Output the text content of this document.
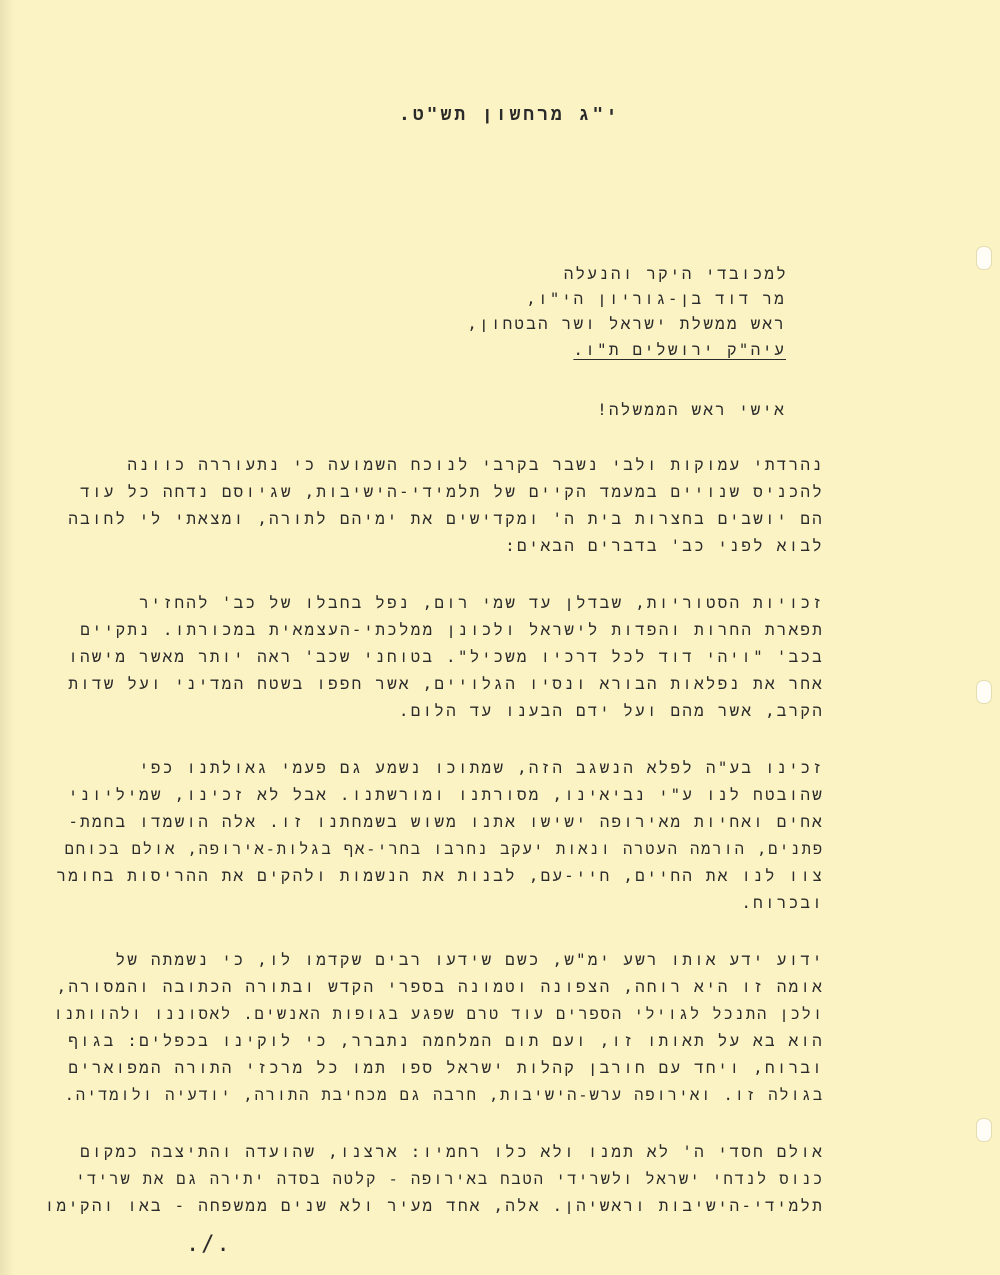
י"ג מרחשון תש"ט.
למכובדי היקר והנעלה
מר דוד בן-גוריון הי"ו,
ראש ממשלת ישראל ושר הבטחון,
עיה"ק ירושלים ת"ו.
אישי ראש הממשלה!
נהרדתי עמוקות ולבי נשבר בקרבי לנוכח השמועה כי נתעוררה כוונה
להכניס שנויים במעמד הקיים של תלמידי-הישיבות, שגיוסם נדחה כל עוד
הם יושבים בחצרות בית ה' ומקדישים את ימיהם לתורה, ומצאתי לי לחובה
לבוא לפני כב' בדברים הבאים:
זכויות הסטוריות, שבדלן עד שמי רום, נפל בחבלו של כב' להחזיר
תפארת החרות והפדות לישראל ולכונן ממלכתי-העצמאית במכורתו. נתקיים
בכב' "ויהי דוד לכל דרכיו משכיל". בטוחני שכב' ראה יותר מאשר מישהו
אחר את נפלאות הבורא ונסיו הגלויים, אשר חפפו בשטח המדיני ועל שדות
הקרב, אשר מהם ועל ידם הבענו עד הלום.
זכינו בע"ה לפלא הנשגב הזה, שמתוכו נשמע גם פעמי גאולתנו כפי
שהובטח לנו ע"י נביאינו, מסורתנו ומורשתנו. אבל לא זכינו, שמיליוני
אחים ואחיות מאירופה ישישו אתנו משוש בשמחתנו זו. אלה הושמדו בחמת-
פתנים, הורמה העטרה ונאות יעקב נחרבו בחרי-אף בגלות-אירופה, אולם בכוחם
צוו לנו את החיים, חיי-עם, לבנות את הנשמות ולהקים את ההריסות בחומר
ובכרוח.
ידוע ידע אותו רשע ימ"ש, כשם שידעו רבים שקדמו לו, כי נשמתה של
אומה זו היא רוחה, הצפונה וטמונה בספרי הקדש ובתורה הכתובה והמסורה,
ולכן התנכל לגוילי הספרים עוד טרם שפגע בגופות האנשים. לאסוננו ולהוותנו
הוא בא על תאותו זו, ועם תום המלחמה נתברר, כי לוקינו בכפלים: בגוף
וברוח, ויחד עם חורבן קהלות ישראל ספו תמו כל מרכזי התורה המפוארים
בגולה זו. ואירופה ערש-הישיבות, חרבה גם מכחיבת התורה, יודעיה ולומדיה.
אולם חסדי ה' לא תמנו ולא כלו רחמיו: ארצנו, שהועדה והתיצבה כמקום
כנוס לנדחי ישראל ולשרידי הטבח באירופה - קלטה בסדה יתירה גם את שרידי
תלמידי-הישיבות וראשיהן. אלה, אחד מעיר ולא שנים ממשפחה - באו והקימו
./.
